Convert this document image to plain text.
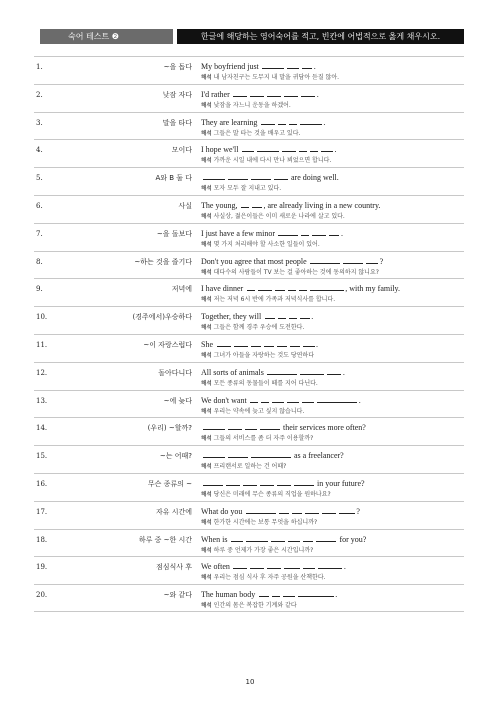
숙어 테스트 ❷	한글에 해당하는 영어숙어를 적고, 빈칸에 어법적으로 옳게 채우시오.
1.	~을 돕다 My boyfriend just	.
해석 내 남자친구는 도무지 내 말을 귀담아 듣질 않아.
2.	낮잠 자다 I'd rather	.
해석 낮잠을 자느니 운동을 하겠어.
3.	말을 타다 They are learning	.
해석 그들은 말 타는 것을 배우고 있다.
4.	모이다 I hope we'll	.
해석 가까운 시일 내에 다시 만나 뵈었으면 합니다.
5.	A와 B 둘 다	are doing well.
해석 모자 모두 잘 지내고 있다.
6.	사실 The young,	, are already living in a new country.
해석 사실상, 젊은이들은 이미 새로운 나라에 살고 있다.
7.	~을 돌보다 I just have a few minor	.
해석 몇 가지 처리해야 할 사소한 일들이 있어.
8.	~하는 것을 즐기다 Don't you agree that most people	?
해석 대다수의 사람들이 TV 보는 걸 좋아하는 것에 동의하지 않니요?
9.	저녁에 I have dinner	, with my family.
해석 저는 저녁 6시 반에 가족과 저녁식사를 합니다.
10.	(경주에서)우승하다 Together, they will	.
해석 그들은 함께 경주 우승에 도전한다.
11.	~이 자랑스럽다 She	.
해석 그녀가 아들을 자랑하는 것도 당연하다
12.	돌아다니다 All sorts of animals	.
해석 모든 종류의 동물들이 떼를 지어 다닌다.
13.	~에 늦다 We don't want	.
해석 우리는 약속에 늦고 싶지 않습니다.
14.	(우리) ~할까?	their services more often?
해석 그들의 서비스를 좀 더 자주 이용할까?
15.	~는 어때?	as a freelancer?
해석 프리랜서로 일하는 건 어때?
16.	무슨 종류의 ~	in your future?
해석 당신은 미래에 무슨 종류의 직업을 원하나요?
17.	자유 시간에 What do you	?
해석 한가한 시간에는 보통 무엇을 하십니까?
18.	하루 중 ~한 시간 When is	for you?
해석 하루 중 언제가 가장 좋은 시간입니까?
19.	점심식사 후 We often	.
해석 우리는 점심 식사 후 자주 공원을 산책한다.
20.	~와 같다 The human body	.
해석 인간의 몸은 복잡한 기계와 같다
10
